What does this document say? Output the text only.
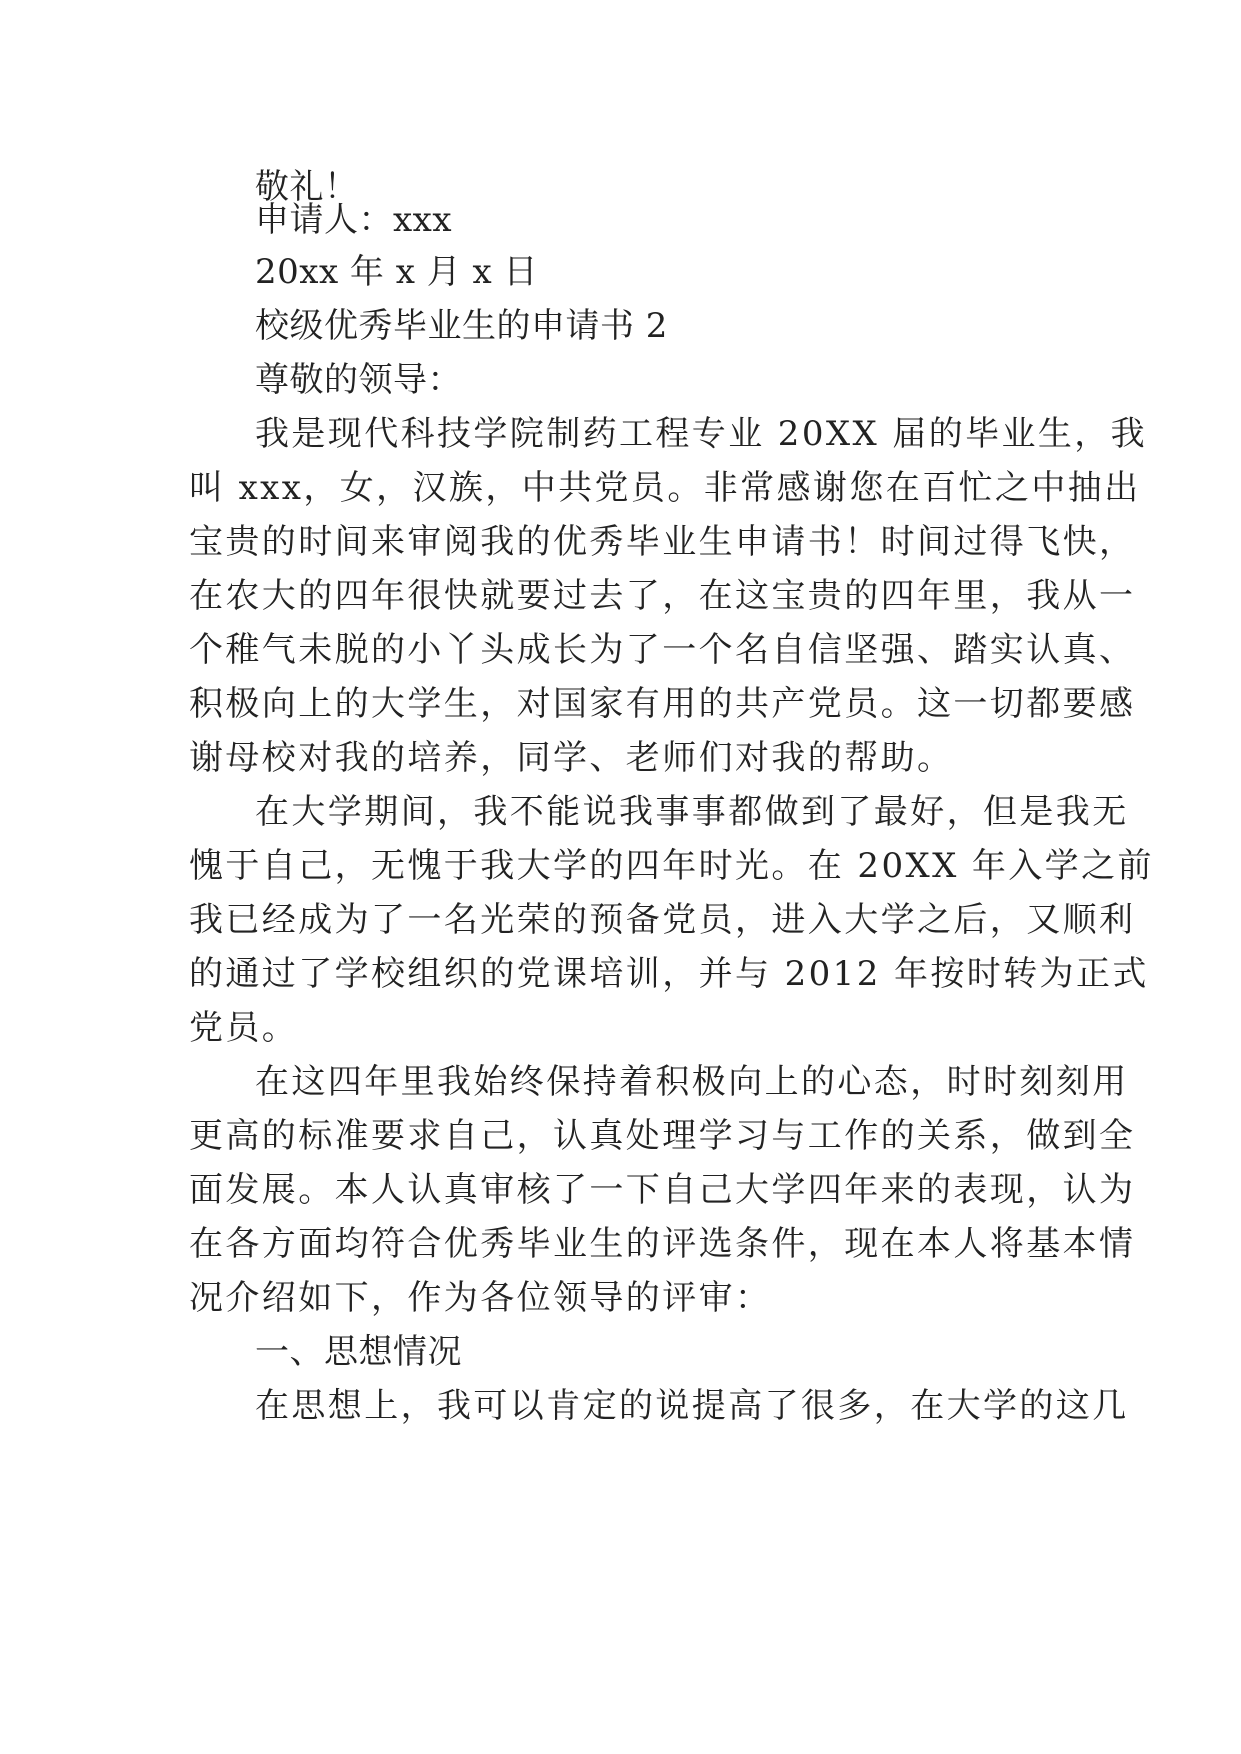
敬礼！
申请人：xxx
20xx 年 x 月 x 日
校级优秀毕业生的申请书 2
尊敬的领导：
我是现代科技学院制药工程专业 20XX 届的毕业生，我
叫 xxx，女，汉族，中共党员。非常感谢您在百忙之中抽出
宝贵的时间来审阅我的优秀毕业生申请书！时间过得飞快，
在农大的四年很快就要过去了，在这宝贵的四年里，我从一
个稚气未脱的小丫头成长为了一个名自信坚强、踏实认真、
积极向上的大学生，对国家有用的共产党员。这一切都要感
谢母校对我的培养，同学、老师们对我的帮助。
在大学期间，我不能说我事事都做到了最好，但是我无
愧于自己，无愧于我大学的四年时光。在 20XX 年入学之前
我已经成为了一名光荣的预备党员，进入大学之后，又顺利
的通过了学校组织的党课培训，并与 2012 年按时转为正式
党员。
在这四年里我始终保持着积极向上的心态，时时刻刻用
更高的标准要求自己，认真处理学习与工作的关系，做到全
面发展。本人认真审核了一下自己大学四年来的表现，认为
在各方面均符合优秀毕业生的评选条件，现在本人将基本情
况介绍如下，作为各位领导的评审：
一、思想情况
在思想上，我可以肯定的说提高了很多，在大学的这几
